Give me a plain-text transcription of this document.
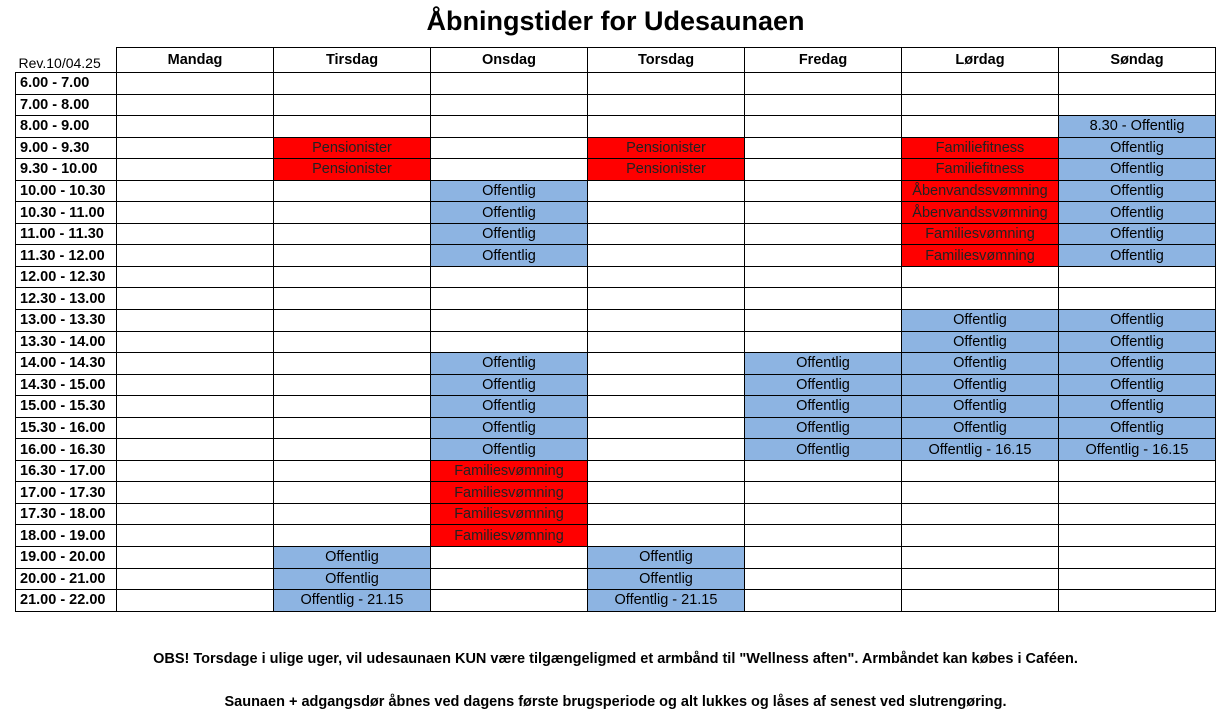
Åbningstider for Udesaunaen
Rev.10/04.25	Mandag	Tirsdag	Onsdag	Torsdag	Fredag	Lørdag	Søndag
6.00 - 7.00							
7.00 - 8.00							
8.00 - 9.00							8.30 - Offentlig
9.00 - 9.30		Pensionister		Pensionister		Familiefitness	Offentlig
9.30 - 10.00		Pensionister		Pensionister		Familiefitness	Offentlig
10.00 - 10.30			Offentlig			Åbenvandssvømning	Offentlig
10.30 - 11.00			Offentlig			Åbenvandssvømning	Offentlig
11.00 - 11.30			Offentlig			Familiesvømning	Offentlig
11.30 - 12.00			Offentlig			Familiesvømning	Offentlig
12.00 - 12.30							
12.30 - 13.00							
13.00 - 13.30						Offentlig	Offentlig
13.30 - 14.00						Offentlig	Offentlig
14.00 - 14.30			Offentlig		Offentlig	Offentlig	Offentlig
14.30 - 15.00			Offentlig		Offentlig	Offentlig	Offentlig
15.00 - 15.30			Offentlig		Offentlig	Offentlig	Offentlig
15.30 - 16.00			Offentlig		Offentlig	Offentlig	Offentlig
16.00 - 16.30			Offentlig		Offentlig	Offentlig - 16.15	Offentlig - 16.15
16.30 - 17.00			Familiesvømning				
17.00 - 17.30			Familiesvømning				
17.30 - 18.00			Familiesvømning				
18.00 - 19.00			Familiesvømning				
19.00 - 20.00		Offentlig		Offentlig			
20.00 - 21.00		Offentlig		Offentlig			
21.00 - 22.00		Offentlig - 21.15		Offentlig - 21.15			
OBS! Torsdage i ulige uger, vil udesaunaen KUN være tilgængeligmed et armbånd til "Wellness aften". Armbåndet kan købes i Caféen.
Saunaen + adgangsdør åbnes ved dagens første brugsperiode og alt lukkes og låses af senest ved slutrengøring.
